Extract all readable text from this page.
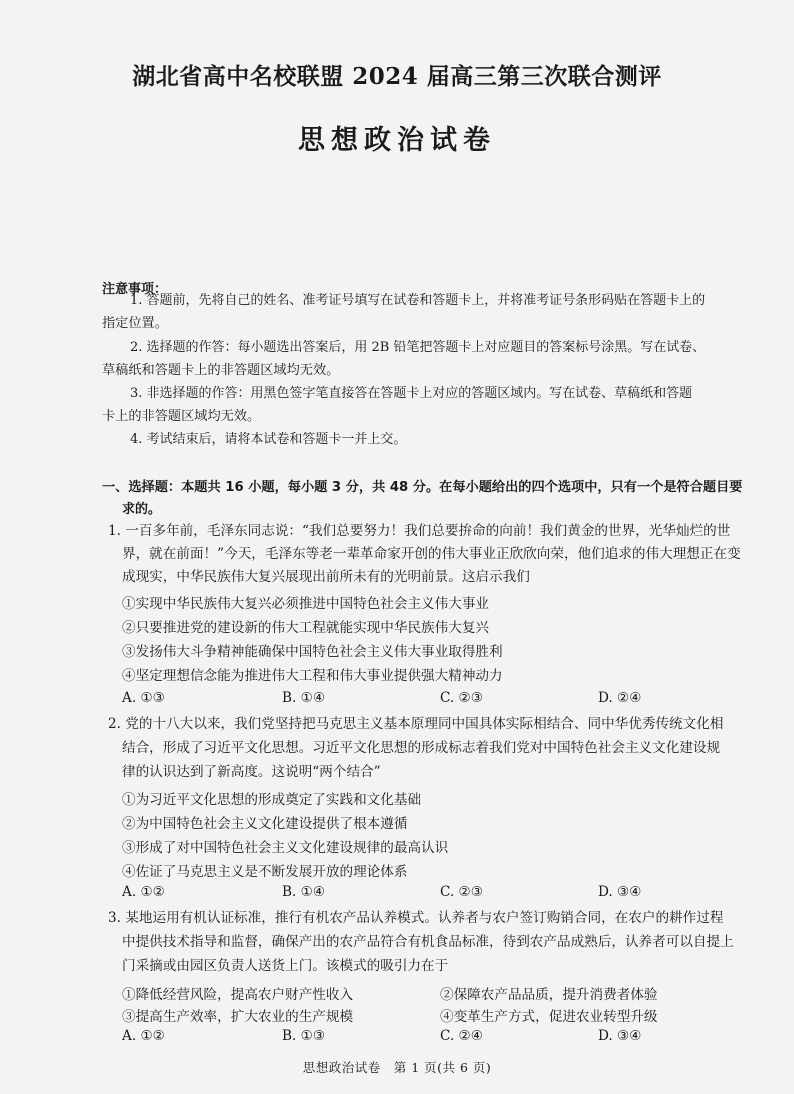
湖北省高中名校联盟 2024 届高三第三次联合测评
思想政治试卷
注意事项：
1. 答题前，先将自己的姓名、准考证号填写在试卷和答题卡上，并将准考证号条形码贴在答题卡上的
指定位置。
2. 选择题的作答：每小题选出答案后，用 2B 铅笔把答题卡上对应题目的答案标号涂黑。写在试卷、
草稿纸和答题卡上的非答题区域均无效。
3. 非选择题的作答：用黑色签字笔直接答在答题卡上对应的答题区域内。写在试卷、草稿纸和答题
卡上的非答题区域均无效。
4. 考试结束后，请将本试卷和答题卡一并上交。
一、选择题：本题共 16 小题，每小题 3 分，共 48 分。在每小题给出的四个选项中，只有一个是符合题目要
求的。
1. 一百多年前，毛泽东同志说：“我们总要努力！我们总要拚命的向前！我们黄金的世界，光华灿烂的世
界，就在前面！”今天，毛泽东等老一辈革命家开创的伟大事业正欣欣向荣，他们追求的伟大理想正在变
成现实，中华民族伟大复兴展现出前所未有的光明前景。这启示我们
①实现中华民族伟大复兴必须推进中国特色社会主义伟大事业
②只要推进党的建设新的伟大工程就能实现中华民族伟大复兴
③发扬伟大斗争精神能确保中国特色社会主义伟大事业取得胜利
④坚定理想信念能为推进伟大工程和伟大事业提供强大精神动力
A. ①③	B. ①④	C. ②③	D. ②④
2. 党的十八大以来，我们党坚持把马克思主义基本原理同中国具体实际相结合、同中华优秀传统文化相
结合，形成了习近平文化思想。习近平文化思想的形成标志着我们党对中国特色社会主义文化建设规
律的认识达到了新高度。这说明“两个结合”
①为习近平文化思想的形成奠定了实践和文化基础
②为中国特色社会主义文化建设提供了根本遵循
③形成了对中国特色社会主义文化建设规律的最高认识
④佐证了马克思主义是不断发展开放的理论体系
A. ①②	B. ①④	C. ②③	D. ③④
3. 某地运用有机认证标准，推行有机农产品认养模式。认养者与农户签订购销合同，在农户的耕作过程
中提供技术指导和监督，确保产出的农产品符合有机食品标准，待到农产品成熟后，认养者可以自提上
门采摘或由园区负责人送货上门。该模式的吸引力在于
①降低经营风险，提高农户财产性收入	②保障农产品品质，提升消费者体验
③提高生产效率，扩大农业的生产规模	④变革生产方式，促进农业转型升级
A. ①②	B. ①③	C. ②④	D. ③④
思想政治试卷　第 1 页(共 6 页)
